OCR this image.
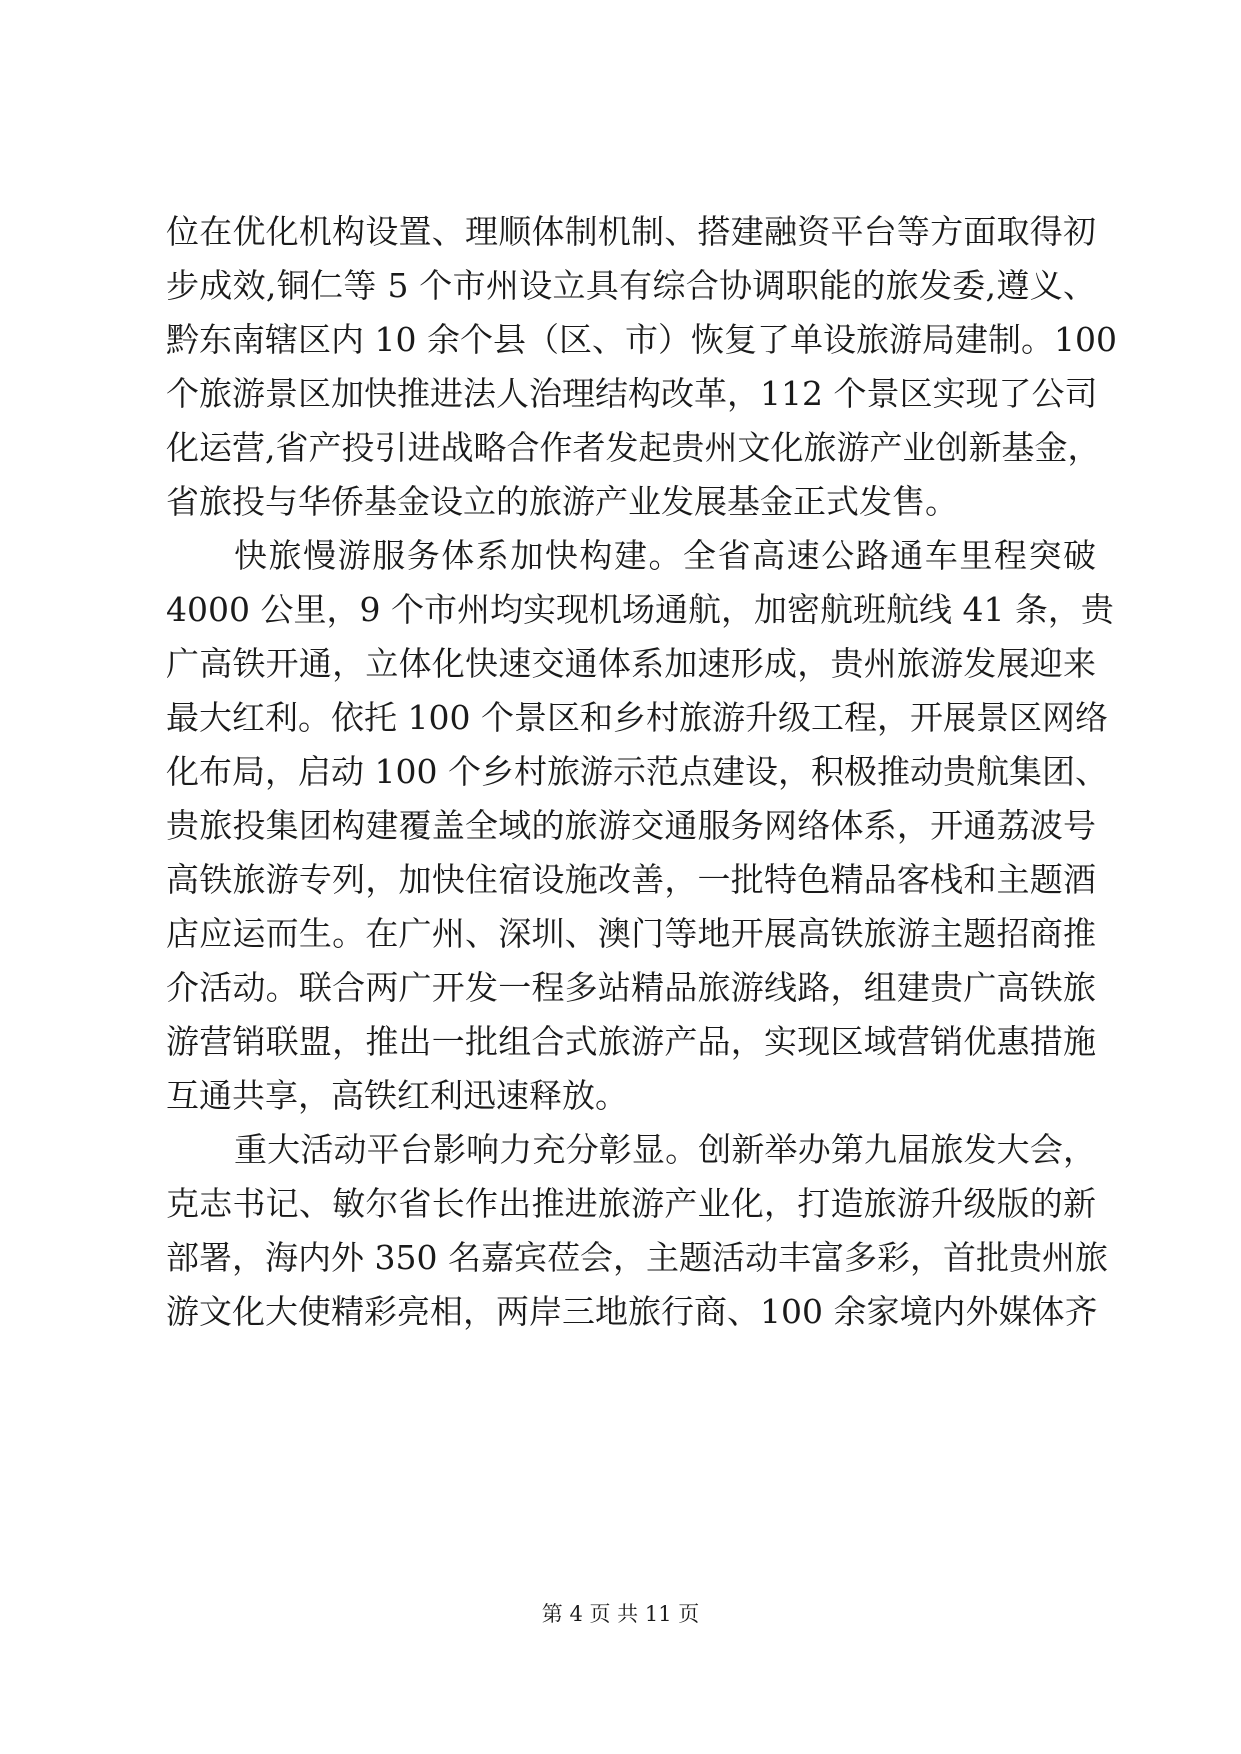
位在优化机构设置、理顺体制机制、搭建融资平台等方面取得初
步成效,铜仁等 5 个市州设立具有综合协调职能的旅发委,遵义、
黔东南辖区内 10 余个县（区、市）恢复了单设旅游局建制。100
个旅游景区加快推进法人治理结构改革，112 个景区实现了公司
化运营,省产投引进战略合作者发起贵州文化旅游产业创新基金，
省旅投与华侨基金设立的旅游产业发展基金正式发售。
快旅慢游服务体系加快构建。全省高速公路通车里程突破
4000 公里，9 个市州均实现机场通航，加密航班航线 41 条，贵
广高铁开通，立体化快速交通体系加速形成，贵州旅游发展迎来
最大红利。依托 100 个景区和乡村旅游升级工程，开展景区网络
化布局，启动 100 个乡村旅游示范点建设，积极推动贵航集团、
贵旅投集团构建覆盖全域的旅游交通服务网络体系，开通荔波号
高铁旅游专列，加快住宿设施改善，一批特色精品客栈和主题酒
店应运而生。在广州、深圳、澳门等地开展高铁旅游主题招商推
介活动。联合两广开发一程多站精品旅游线路，组建贵广高铁旅
游营销联盟，推出一批组合式旅游产品，实现区域营销优惠措施
互通共享，高铁红利迅速释放。
重大活动平台影响力充分彰显。创新举办第九届旅发大会，
克志书记、敏尔省长作出推进旅游产业化，打造旅游升级版的新
部署，海内外 350 名嘉宾莅会，主题活动丰富多彩，首批贵州旅
游文化大使精彩亮相，两岸三地旅行商、100 余家境内外媒体齐
第 4 页 共 11 页
